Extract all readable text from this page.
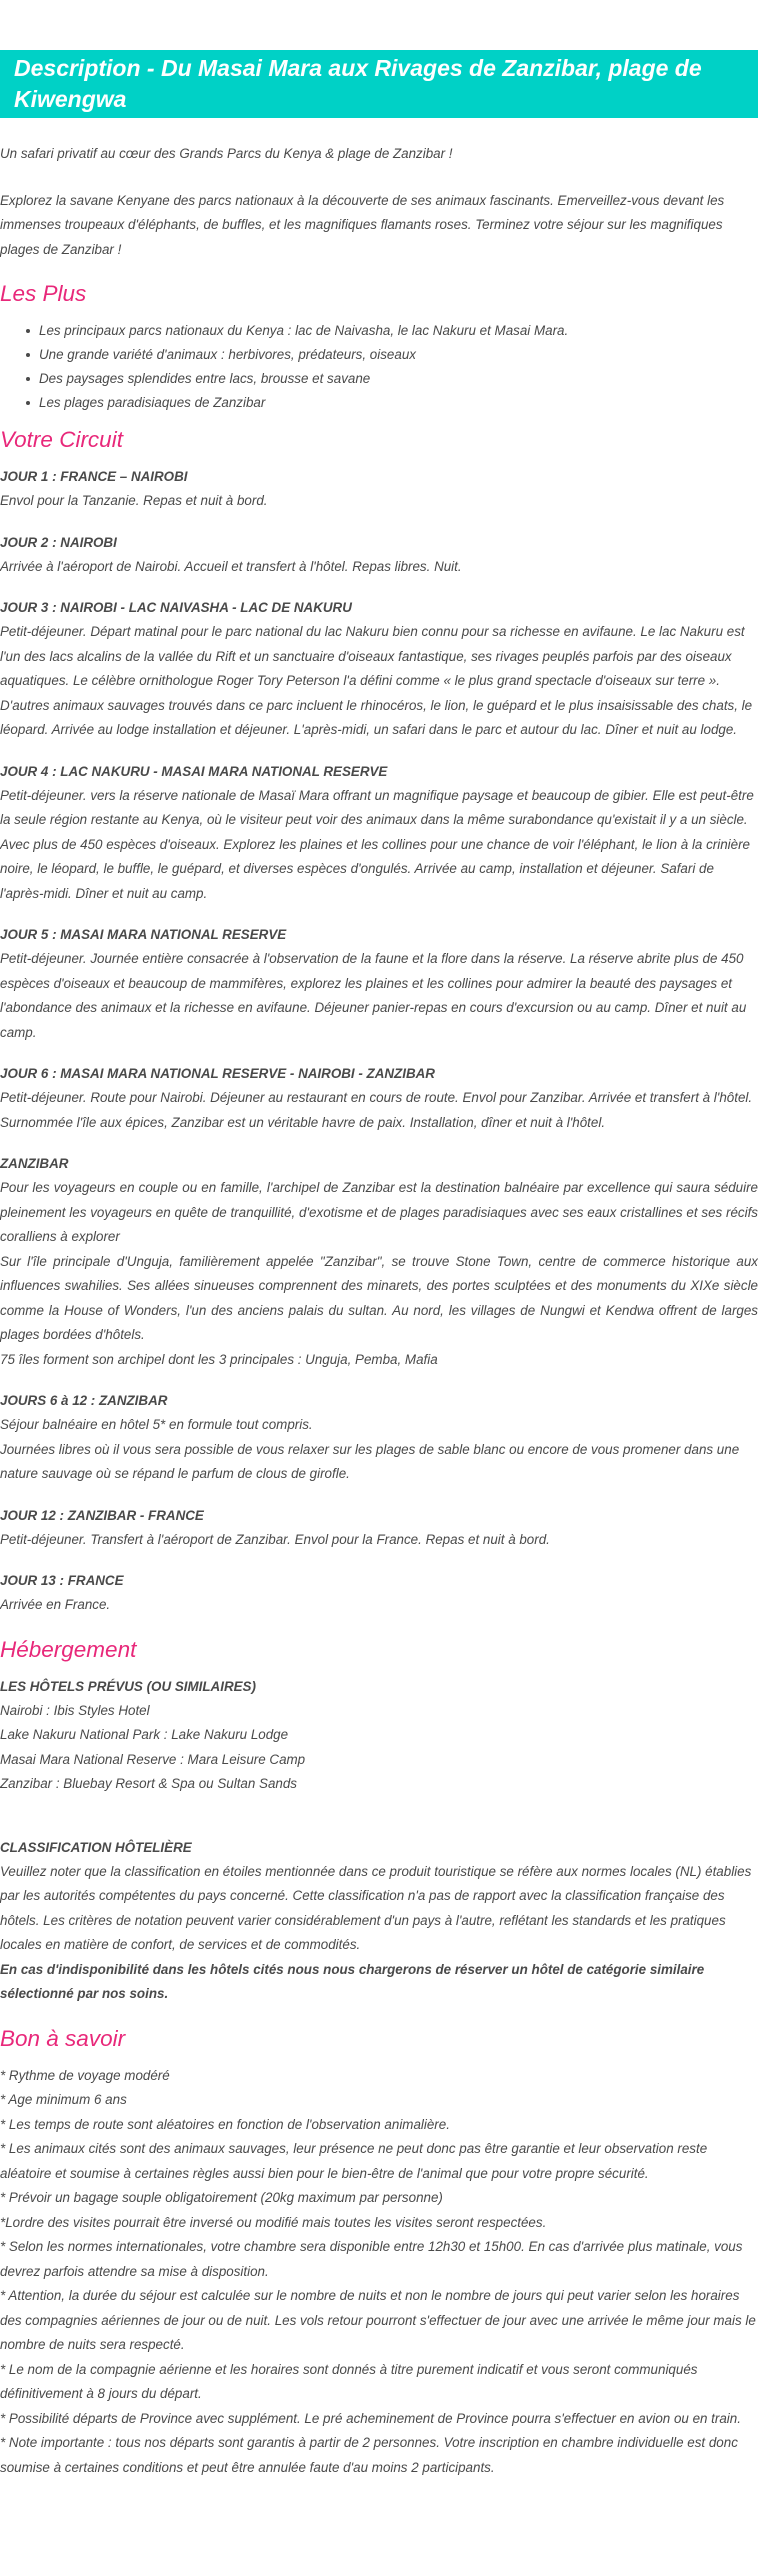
Description - Du Masai Mara aux Rivages de Zanzibar, plage de Kiwengwa

Un safari privatif au cœur des Grands Parcs du Kenya & plage de Zanzibar !

Explorez la savane Kenyane des parcs nationaux à la découverte de ses animaux fascinants. Emerveillez-vous devant les immenses troupeaux d'éléphants, de buffles, et les magnifiques flamants roses. Terminez votre séjour sur les magnifiques plages de Zanzibar !

Les Plus
Les principaux parcs nationaux du Kenya : lac de Naivasha, le lac Nakuru et Masai Mara.
Une grande variété d'animaux : herbivores, prédateurs, oiseaux
Des paysages splendides entre lacs, brousse et savane
Les plages paradisiaques de Zanzibar
Votre Circuit

JOUR 1 : FRANCE – NAIROBI

Envol pour la Tanzanie. Repas et nuit à bord.

JOUR 2 : NAIROBI

Arrivée à l'aéroport de Nairobi. Accueil et transfert à l'hôtel. Repas libres. Nuit.

JOUR 3 : NAIROBI - LAC NAIVASHA - LAC DE NAKURU

Petit-déjeuner. Départ matinal pour le parc national du lac Nakuru bien connu pour sa richesse en avifaune. Le lac Nakuru est l'un des lacs alcalins de la vallée du Rift et un sanctuaire d'oiseaux fantastique, ses rivages peuplés parfois par des oiseaux aquatiques. Le célèbre ornithologue Roger Tory Peterson l'a défini comme « le plus grand spectacle d'oiseaux sur terre ». D'autres animaux sauvages trouvés dans ce parc incluent le rhinocéros, le lion, le guépard et le plus insaisissable des chats, le léopard. Arrivée au lodge installation et déjeuner. L'après-midi, un safari dans le parc et autour du lac. Dîner et nuit au lodge.

JOUR 4 : LAC NAKURU - MASAI MARA NATIONAL RESERVE

Petit-déjeuner. vers la réserve nationale de Masaï Mara offrant un magnifique paysage et beaucoup de gibier. Elle est peut-être la seule région restante au Kenya, où le visiteur peut voir des animaux dans la même surabondance qu'existait il y a un siècle. Avec plus de 450 espèces d'oiseaux. Explorez les plaines et les collines pour une chance de voir l'éléphant, le lion à la crinière noire, le léopard, le buffle, le guépard, et diverses espèces d'ongulés. Arrivée au camp, installation et déjeuner. Safari de l'après-midi. Dîner et nuit au camp.

JOUR 5 : MASAI MARA NATIONAL RESERVE

Petit-déjeuner. Journée entière consacrée à l'observation de la faune et la flore dans la réserve. La réserve abrite plus de 450 espèces d'oiseaux et beaucoup de mammifères, explorez les plaines et les collines pour admirer la beauté des paysages et l'abondance des animaux et la richesse en avifaune. Déjeuner panier-repas en cours d'excursion ou au camp. Dîner et nuit au camp.

JOUR 6 : MASAI MARA NATIONAL RESERVE - NAIROBI - ZANZIBAR

Petit-déjeuner. Route pour Nairobi. Déjeuner au restaurant en cours de route. Envol pour Zanzibar. Arrivée et transfert à l'hôtel. Surnommée l'île aux épices, Zanzibar est un véritable havre de paix. Installation, dîner et nuit à l'hôtel.

ZANZIBAR

Pour les voyageurs en couple ou en famille, l'archipel de Zanzibar est la destination balnéaire par excellence qui saura séduire pleinement les voyageurs en quête de tranquillité, d'exotisme et de plages paradisiaques avec ses eaux cristallines et ses récifs coralliens à explorer

Sur l'île principale d'Unguja, familièrement appelée "Zanzibar", se trouve Stone Town, centre de commerce historique aux influences swahilies. Ses allées sinueuses comprennent des minarets, des portes sculptées et des monuments du XIXe siècle comme la House of Wonders, l'un des anciens palais du sultan. Au nord, les villages de Nungwi et Kendwa offrent de larges plages bordées d'hôtels.

75 îles forment son archipel dont les 3 principales : Unguja, Pemba, Mafia

JOURS 6 à 12 : ZANZIBAR

Séjour balnéaire en hôtel 5* en formule tout compris.

Journées libres où il vous sera possible de vous relaxer sur les plages de sable blanc ou encore de vous promener dans une nature sauvage où se répand le parfum de clous de girofle.

JOUR 12 : ZANZIBAR - FRANCE

Petit-déjeuner. Transfert à l'aéroport de Zanzibar. Envol pour la France. Repas et nuit à bord.

JOUR 13 : FRANCE

Arrivée en France.

Hébergement

LES HÔTELS PRÉVUS (OU SIMILAIRES)

Nairobi : Ibis Styles Hotel

Lake Nakuru National Park : Lake Nakuru Lodge

Masai Mara National Reserve : Mara Leisure Camp

Zanzibar : Bluebay Resort & Spa ou Sultan Sands

CLASSIFICATION HÔTELIÈRE

Veuillez noter que la classification en étoiles mentionnée dans ce produit touristique se réfère aux normes locales (NL) établies par les autorités compétentes du pays concerné. Cette classification n'a pas de rapport avec la classification française des hôtels. Les critères de notation peuvent varier considérablement d'un pays à l'autre, reflétant les standards et les pratiques locales en matière de confort, de services et de commodités.

En cas d'indisponibilité dans les hôtels cités nous nous chargerons de réserver un hôtel de catégorie similaire sélectionné par nos soins.

Bon à savoir

* Rythme de voyage modéré

* Age minimum 6 ans

* Les temps de route sont aléatoires en fonction de l'observation animalière.

* Les animaux cités sont des animaux sauvages, leur présence ne peut donc pas être garantie et leur observation reste aléatoire et soumise à certaines règles aussi bien pour le bien-être de l'animal que pour votre propre sécurité.

* Prévoir un bagage souple obligatoirement (20kg maximum par personne)

*Lordre des visites pourrait être inversé ou modifié mais toutes les visites seront respectées.

* Selon les normes internationales, votre chambre sera disponible entre 12h30 et 15h00. En cas d'arrivée plus matinale, vous devrez parfois attendre sa mise à disposition.

* Attention, la durée du séjour est calculée sur le nombre de nuits et non le nombre de jours qui peut varier selon les horaires des compagnies aériennes de jour ou de nuit. Les vols retour pourront s'effectuer de jour avec une arrivée le même jour mais le nombre de nuits sera respecté.

* Le nom de la compagnie aérienne et les horaires sont donnés à titre purement indicatif et vous seront communiqués définitivement à 8 jours du départ.

* Possibilité départs de Province avec supplément. Le pré acheminement de Province pourra s'effectuer en avion ou en train.

* Note importante : tous nos départs sont garantis à partir de 2 personnes. Votre inscription en chambre individuelle est donc soumise à certaines conditions et peut être annulée faute d'au moins 2 participants.
